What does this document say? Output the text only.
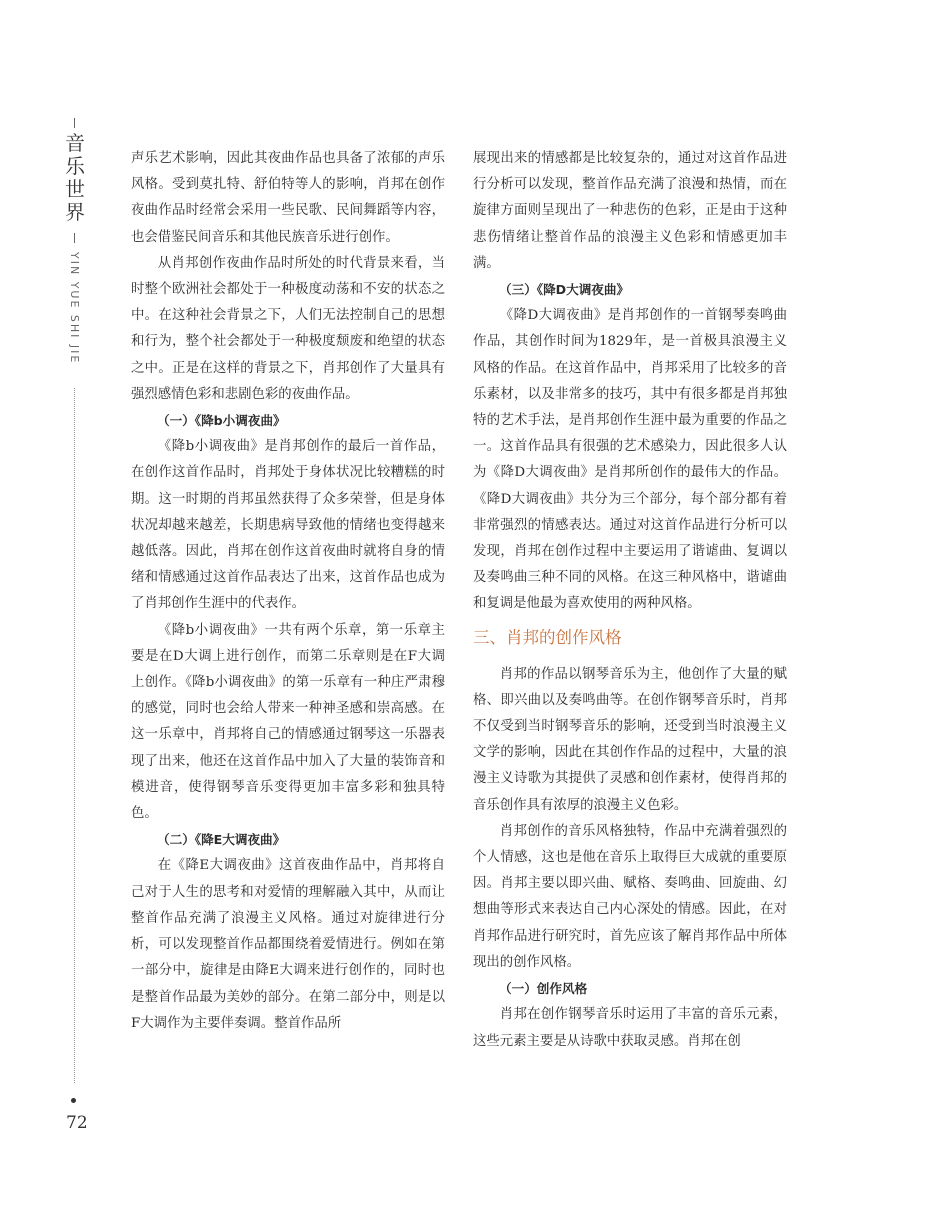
音乐世界
YIN YUE SHI JIE
72

声乐艺术影响，因此其夜曲作品也具备了浓郁的声乐风格。受到莫扎特、舒伯特等人的影响，肖邦在创作夜曲作品时经常会采用一些民歌、民间舞蹈等内容，也会借鉴民间音乐和其他民族音乐进行创作。

从肖邦创作夜曲作品时所处的时代背景来看，当时整个欧洲社会都处于一种极度动荡和不安的状态之中。在这种社会背景之下，人们无法控制自己的思想和行为，整个社会都处于一种极度颓废和绝望的状态之中。正是在这样的背景之下，肖邦创作了大量具有强烈感情色彩和悲剧色彩的夜曲作品。

（一）《降b小调夜曲》

《降b小调夜曲》是肖邦创作的最后一首作品，在创作这首作品时，肖邦处于身体状况比较糟糕的时期。这一时期的肖邦虽然获得了众多荣誉，但是身体状况却越来越差，长期患病导致他的情绪也变得越来越低落。因此，肖邦在创作这首夜曲时就将自身的情绪和情感通过这首作品表达了出来，这首作品也成为了肖邦创作生涯中的代表作。

《降b小调夜曲》一共有两个乐章，第一乐章主要是在D大调上进行创作，而第二乐章则是在F大调上创作。《降b小调夜曲》的第一乐章有一种庄严肃穆的感觉，同时也会给人带来一种神圣感和崇高感。在这一乐章中，肖邦将自己的情感通过钢琴这一乐器表现了出来，他还在这首作品中加入了大量的装饰音和模进音，使得钢琴音乐变得更加丰富多彩和独具特色。

（二）《降E大调夜曲》

在《降E大调夜曲》这首夜曲作品中，肖邦将自己对于人生的思考和对爱情的理解融入其中，从而让整首作品充满了浪漫主义风格。通过对旋律进行分析，可以发现整首作品都围绕着爱情进行。例如在第一部分中，旋律是由降E大调来进行创作的，同时也是整首作品最为美妙的部分。在第二部分中，则是以F大调作为主要伴奏调。整首作品所

展现出来的情感都是比较复杂的，通过对这首作品进行分析可以发现，整首作品充满了浪漫和热情，而在旋律方面则呈现出了一种悲伤的色彩，正是由于这种悲伤情绪让整首作品的浪漫主义色彩和情感更加丰满。

（三）《降D大调夜曲》

《降D大调夜曲》是肖邦创作的一首钢琴奏鸣曲作品，其创作时间为1829年，是一首极具浪漫主义风格的作品。在这首作品中，肖邦采用了比较多的音乐素材，以及非常多的技巧，其中有很多都是肖邦独特的艺术手法，是肖邦创作生涯中最为重要的作品之一。这首作品具有很强的艺术感染力，因此很多人认为《降D大调夜曲》是肖邦所创作的最伟大的作品。《降D大调夜曲》共分为三个部分，每个部分都有着非常强烈的情感表达。通过对这首作品进行分析可以发现，肖邦在创作过程中主要运用了谐谑曲、复调以及奏鸣曲三种不同的风格。在这三种风格中，谐谑曲和复调是他最为喜欢使用的两种风格。

三、肖邦的创作风格

肖邦的作品以钢琴音乐为主，他创作了大量的赋格、即兴曲以及奏鸣曲等。在创作钢琴音乐时，肖邦不仅受到当时钢琴音乐的影响，还受到当时浪漫主义文学的影响，因此在其创作作品的过程中，大量的浪漫主义诗歌为其提供了灵感和创作素材，使得肖邦的音乐创作具有浓厚的浪漫主义色彩。

肖邦创作的音乐风格独特，作品中充满着强烈的个人情感，这也是他在音乐上取得巨大成就的重要原因。肖邦主要以即兴曲、赋格、奏鸣曲、回旋曲、幻想曲等形式来表达自己内心深处的情感。因此，在对肖邦作品进行研究时，首先应该了解肖邦作品中所体现出的创作风格。

（一）创作风格

肖邦在创作钢琴音乐时运用了丰富的音乐元素，这些元素主要是从诗歌中获取灵感。肖邦在创
